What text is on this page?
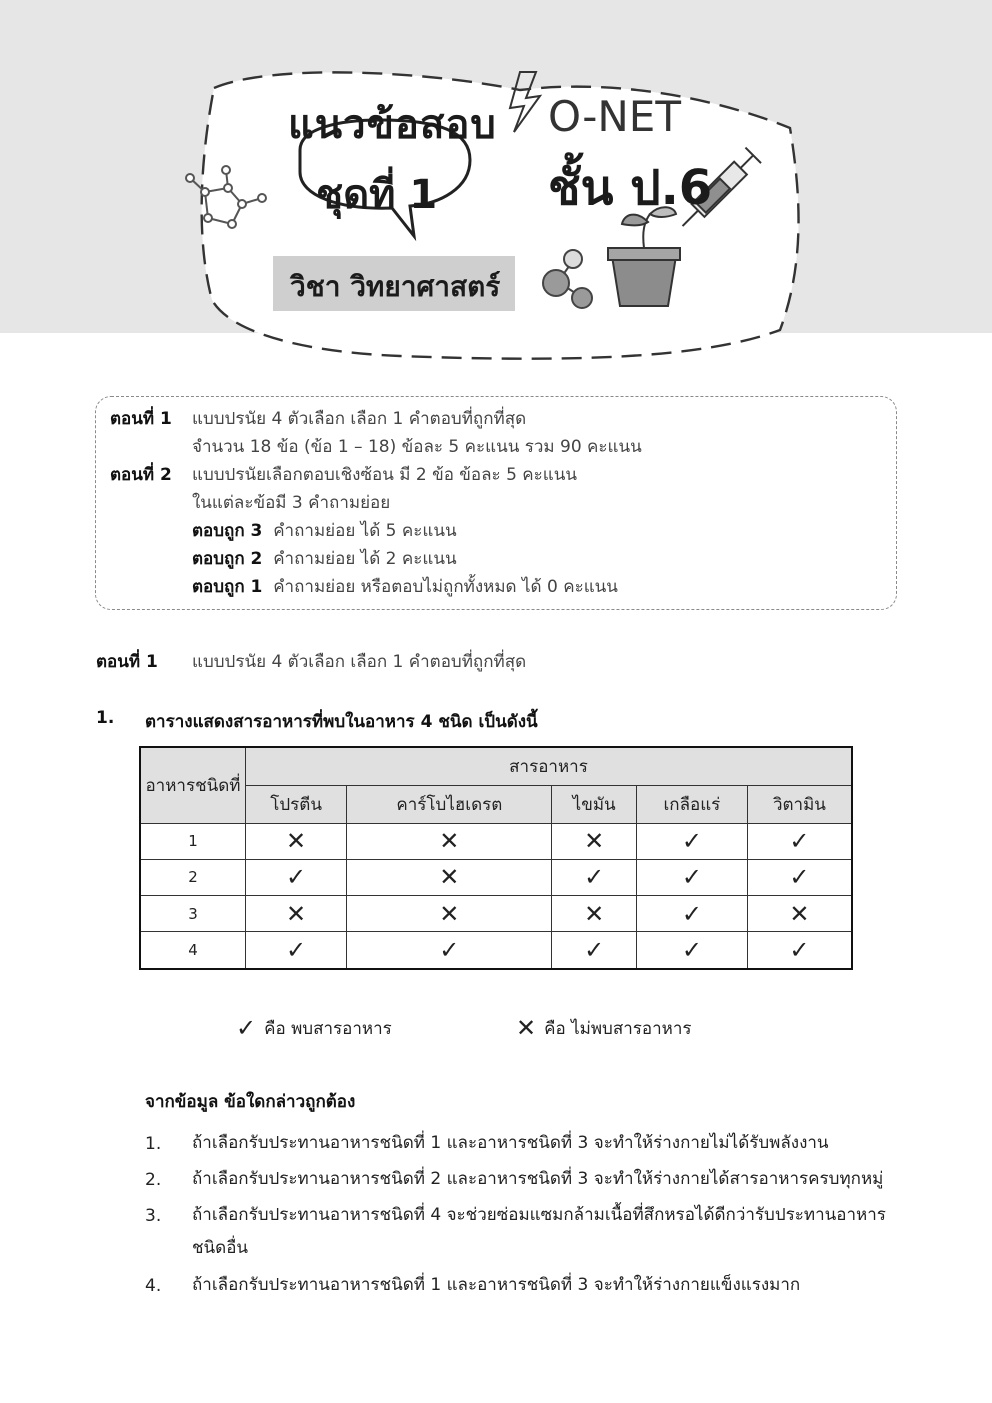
แนวข้อสอบ O-NET
ชั้น ป.6
ชุดที่ 1
วิชา วิทยาศาสตร์
ตอนที่ 1 แบบปรนัย 4 ตัวเลือก เลือก 1 คำตอบที่ถูกที่สุด
จำนวน 18 ข้อ (ข้อ 1 – 18) ข้อละ 5 คะแนน รวม 90 คะแนน
ตอนที่ 2 แบบปรนัยเลือกตอบเชิงซ้อน มี 2 ข้อ ข้อละ 5 คะแนน
ในแต่ละข้อมี 3 คำถามย่อย
ตอบถูก 3 คำถามย่อย ได้ 5 คะแนน
ตอบถูก 2 คำถามย่อย ได้ 2 คะแนน
ตอบถูก 1 คำถามย่อย หรือตอบไม่ถูกทั้งหมด ได้ 0 คะแนน
ตอนที่ 1 แบบปรนัย 4 ตัวเลือก เลือก 1 คำตอบที่ถูกที่สุด
1. ตารางแสดงสารอาหารที่พบในอาหาร 4 ชนิด เป็นดังนี้
อาหารชนิดที่	สารอาหาร				
	โปรตีน	คาร์โบไฮเดรต	ไขมัน	เกลือแร่	วิตามิน
1	✕	✕	✕	✓	✓
2	✓	✕	✓	✓	✓
3	✕	✕	✕	✓	✕
4	✓	✓	✓	✓	✓
✓ คือ พบสารอาหาร	✕ คือ ไม่พบสารอาหาร
จากข้อมูล ข้อใดกล่าวถูกต้อง
1. ถ้าเลือกรับประทานอาหารชนิดที่ 1 และอาหารชนิดที่ 3 จะทำให้ร่างกายไม่ได้รับพลังงาน
2. ถ้าเลือกรับประทานอาหารชนิดที่ 2 และอาหารชนิดที่ 3 จะทำให้ร่างกายได้สารอาหารครบทุกหมู่
3. ถ้าเลือกรับประทานอาหารชนิดที่ 4 จะช่วยซ่อมแซมกล้ามเนื้อที่สึกหรอได้ดีกว่ารับประทานอาหารชนิดอื่น
4. ถ้าเลือกรับประทานอาหารชนิดที่ 1 และอาหารชนิดที่ 3 จะทำให้ร่างกายแข็งแรงมาก
